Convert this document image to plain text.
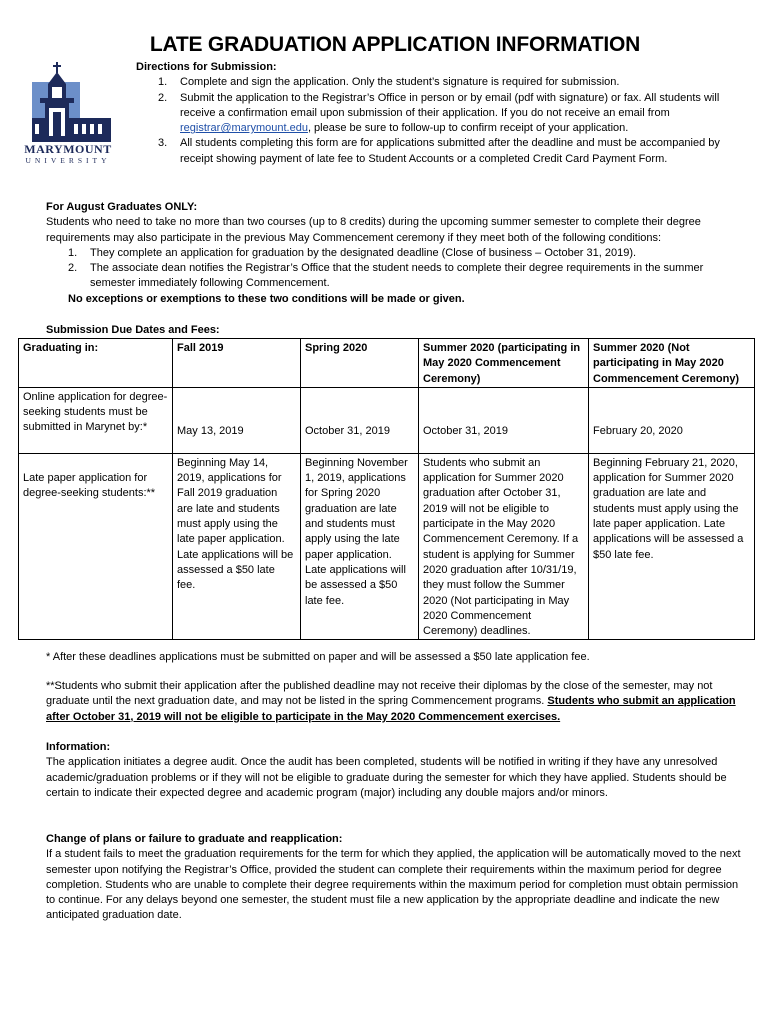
LATE GRADUATION APPLICATION INFORMATION
MARYMOUNT
UNIVERSITY
Directions for Submission:
1. Complete and sign the application. Only the student’s signature is required for submission.
2. Submit the application to the Registrar’s Office in person or by email (pdf with signature) or fax. All students will receive a confirmation email upon submission of their application. If you do not receive an email from registrar@marymount.edu, please be sure to follow-up to confirm receipt of your application.
3. All students completing this form are for applications submitted after the deadline and must be accompanied by receipt showing payment of late fee to Student Accounts or a completed Credit Card Payment Form.
For August Graduates ONLY:
Students who need to take no more than two courses (up to 8 credits) during the upcoming summer semester to complete their degree requirements may also participate in the previous May Commencement ceremony if they meet both of the following conditions:
1. They complete an application for graduation by the designated deadline (Close of business – October 31, 2019).
2. The associate dean notifies the Registrar’s Office that the student needs to complete their degree requirements in the summer semester immediately following Commencement.
No exceptions or exemptions to these two conditions will be made or given.
Submission Due Dates and Fees:
Graduating in:	Fall 2019	Spring 2020	Summer 2020 (participating in May 2020 Commencement Ceremony)	Summer 2020 (Not participating in May 2020 Commencement Ceremony)
Online application for degree-seeking students must be submitted in Marynet by:*	May 13, 2019	October 31, 2019	October 31, 2019	February 20, 2020
Late paper application for degree-seeking students:**	Beginning May 14, 2019, applications for Fall 2019 graduation are late and students must apply using the late paper application. Late applications will be assessed a $50 late fee.	Beginning November 1, 2019, applications for Spring 2020 graduation are late and students must apply using the late paper application. Late applications will be assessed a $50 late fee.	Students who submit an application for Summer 2020 graduation after October 31, 2019 will not be eligible to participate in the May 2020 Commencement Ceremony. If a student is applying for Summer 2020 graduation after 10/31/19, they must follow the Summer 2020 (Not participating in May 2020 Commencement Ceremony) deadlines.	Beginning February 21, 2020, application for Summer 2020 graduation are late and students must apply using the late paper application. Late applications will be assessed a $50 late fee.
* After these deadlines applications must be submitted on paper and will be assessed a $50 late application fee.
**Students who submit their application after the published deadline may not receive their diplomas by the close of the semester, may not graduate until the next graduation date, and may not be listed in the spring Commencement programs. Students who submit an application after October 31, 2019 will not be eligible to participate in the May 2020 Commencement exercises.
Information:
The application initiates a degree audit. Once the audit has been completed, students will be notified in writing if they have any unresolved academic/graduation problems or if they will not be eligible to graduate during the semester for which they have applied. Students should be certain to indicate their expected degree and academic program (major) including any double majors and/or minors.
Change of plans or failure to graduate and reapplication:
If a student fails to meet the graduation requirements for the term for which they applied, the application will be automatically moved to the next semester upon notifying the Registrar’s Office, provided the student can complete their requirements within the maximum period for degree completion. Students who are unable to complete their degree requirements within the maximum period for completion must obtain permission to continue. For any delays beyond one semester, the student must file a new application by the appropriate deadline and indicate the new anticipated graduation date.
